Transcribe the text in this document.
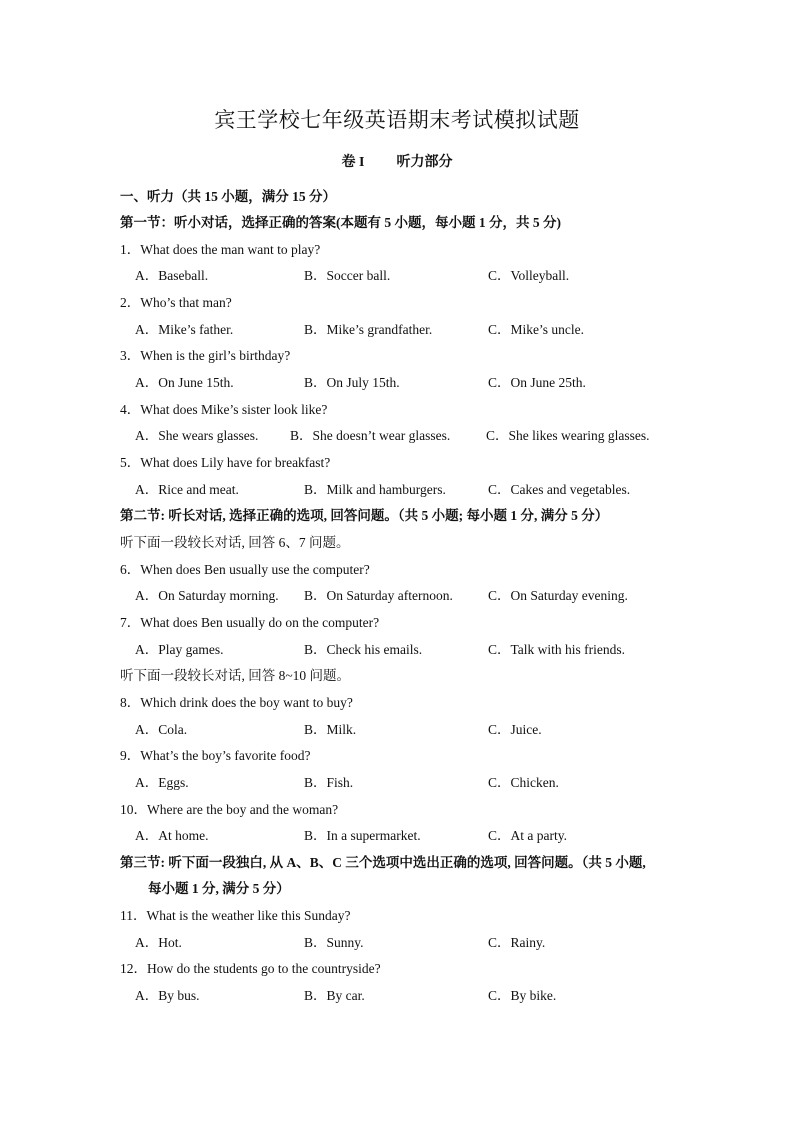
宾王学校七年级英语期末考试模拟试题
卷 I 听力部分
一、听力（共 15 小题，满分 15 分）
第一节：听小对话，选择正确的答案(本题有 5 小题，每小题 1 分，共 5 分)
1．What does the man want to play?
A．Baseball.	B．Soccer ball.	C．Volleyball.
2．Who’s that man?
A．Mike’s father.	B．Mike’s grandfather.	C．Mike’s uncle.
3．When is the girl’s birthday?
A．On June 15th.	B．On July 15th.	C．On June 25th.
4．What does Mike’s sister look like?
A．She wears glasses. B．She doesn’t wear glasses.	C．She likes wearing glasses.
5．What does Lily have for breakfast?
A．Rice and meat.	B．Milk and hamburgers.	C．Cakes and vegetables.
第二节: 听长对话, 选择正确的选项, 回答问题。（共 5 小题; 每小题 1 分, 满分 5 分）
听下面一段较长对话, 回答 6、7 问题。
6．When does Ben usually use the computer?
A．On Saturday morning. B．On Saturday afternoon.	C．On Saturday evening.
7．What does Ben usually do on the computer?
A．Play games.	B．Check his emails.	C．Talk with his friends.
听下面一段较长对话, 回答 8~10 问题。
8．Which drink does the boy want to buy?
A．Cola.	B．Milk.	C．Juice.
9．What’s the boy’s favorite food?
A．Eggs.	B．Fish.	C．Chicken.
10．Where are the boy and the woman?
A．At home.	B．In a supermarket.	C．At a party.
第三节: 听下面一段独白, 从 A、B、C 三个选项中选出正确的选项, 回答问题。（共 5 小题,
每小题 1 分, 满分 5 分）
11．What is the weather like this Sunday?
A．Hot.	B．Sunny.	C．Rainy.
12．How do the students go to the countryside?
A．By bus.	B．By car.	C．By bike.
